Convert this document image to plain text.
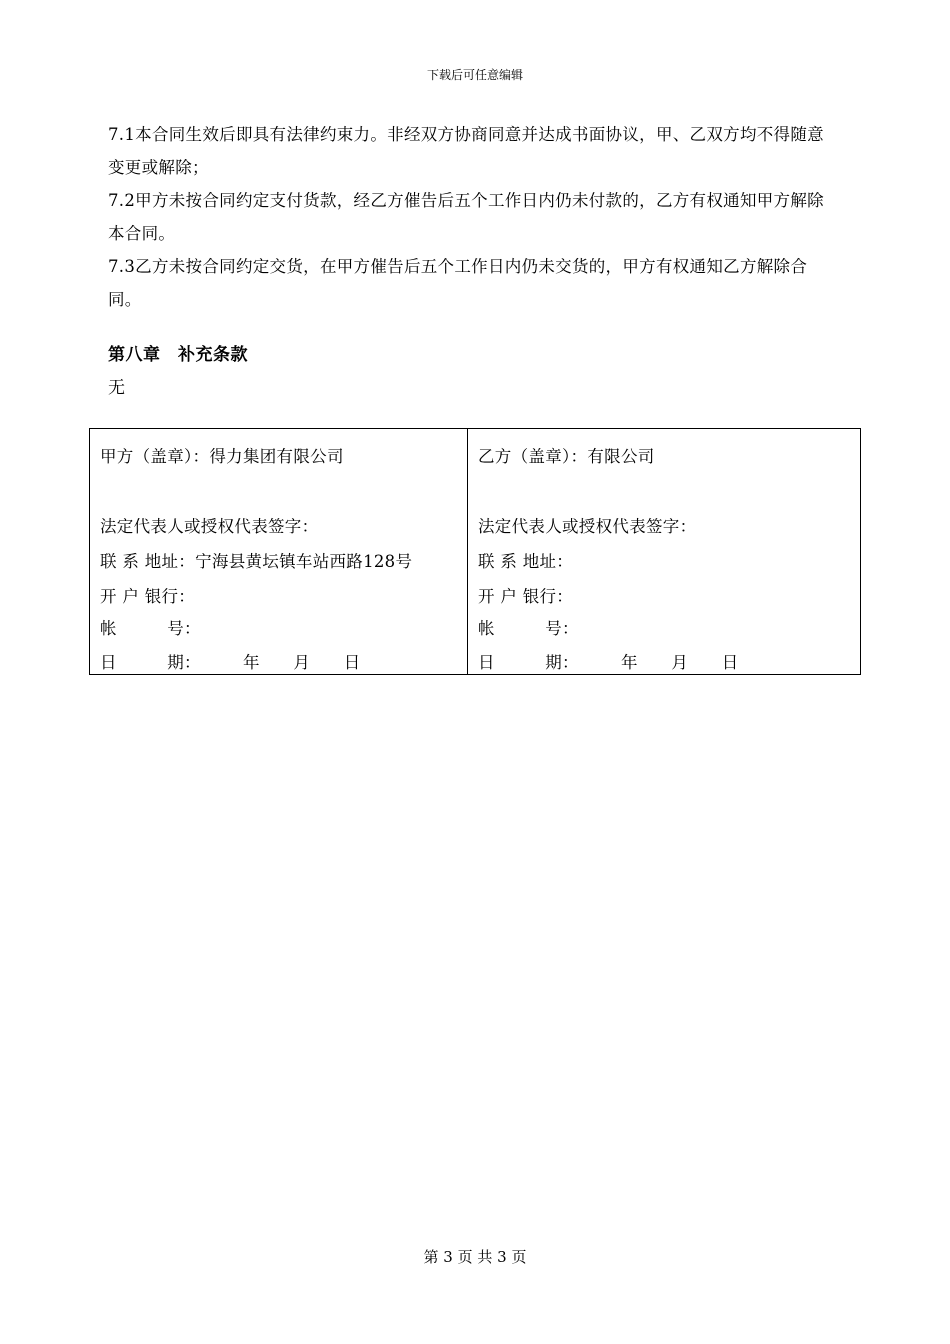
下载后可任意编辑

7.1本合同生效后即具有法律约束力。非经双方协商同意并达成书面协议，甲、乙双方均不得随意变更或解除；

7.2甲方未按合同约定支付货款，经乙方催告后五个工作日内仍未付款的，乙方有权通知甲方解除本合同。

7.3乙方未按合同约定交货，在甲方催告后五个工作日内仍未交货的，甲方有权通知乙方解除合同。

第八章　补充条款
无
甲方（盖章）：得力集团有限公司
法定代表人或授权代表签字：
联 系 地址：宁海县黄坛镇车站西路128号
开 户 银行：
帐　　　号：
日　　　期：　　　年　　月　　日
乙方（盖章）：有限公司
法定代表人或授权代表签字：
联 系 地址：
开 户 银行：
帐　　　号：
日　　　期：　　　年　　月　　日
第 3 页 共 3 页
